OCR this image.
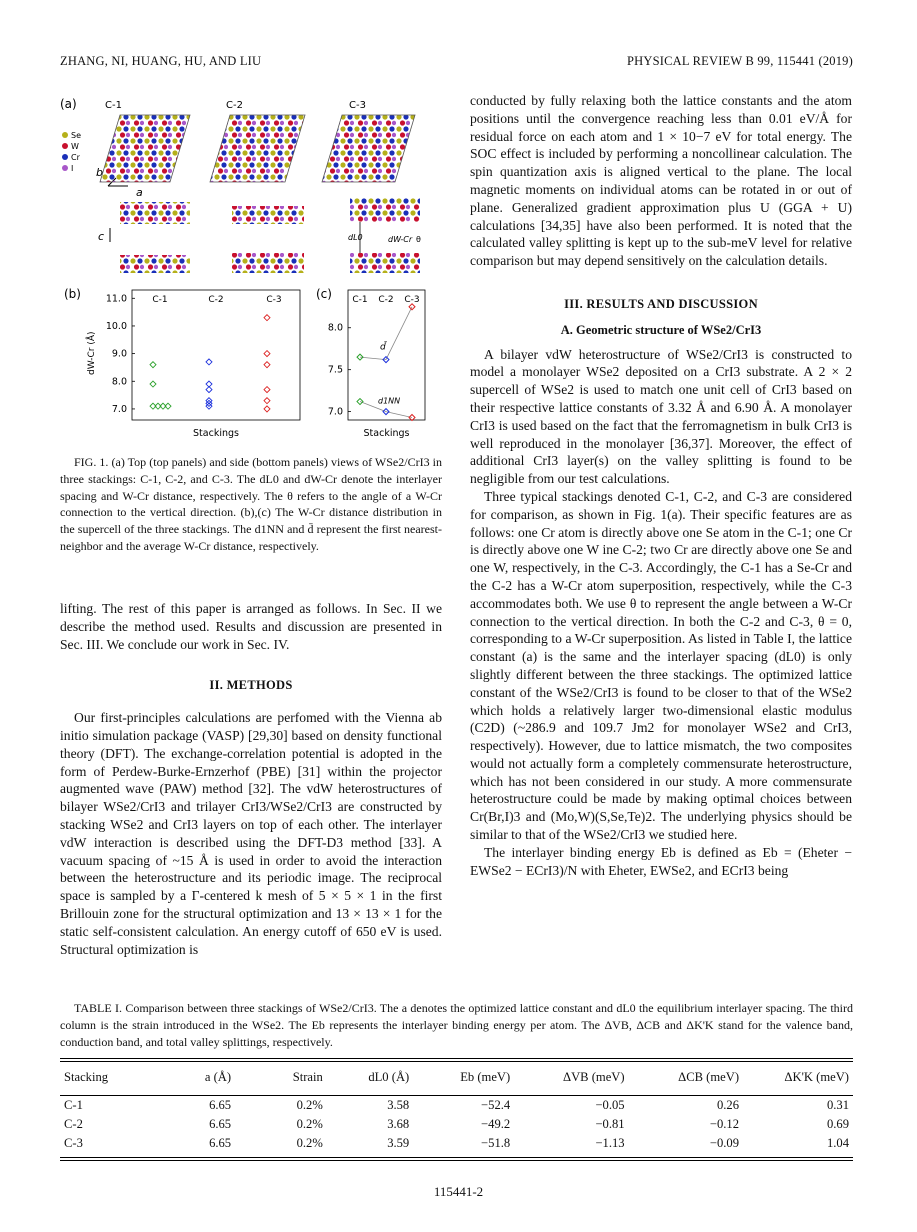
ZHANG, NI, HUANG, HU, AND LIU	PHYSICAL REVIEW B 99, 115441 (2019)
(a)	C-1	C-2	C-3
Se
W
Cr
I b
a
c	dL0	dW-Cr θ
(b)
7.0
8.0
9.0
10.0
11.0
dW-Cr (Å)
Stackings
C-1	C-2	C-3	(c)
7.0
7.5
8.0
Stackings
C-1 C-2 C-3
d̄
d1NN

FIG. 1. (a) Top (top panels) and side (bottom panels) views of WSe2/CrI3 in three stackings: C-1, C-2, and C-3. The dL0 and dW-Cr denote the interlayer spacing and W-Cr distance, respectively. The θ refers to the angle of a W-Cr connection to the vertical direction. (b),(c) The W-Cr distance distribution in the supercell of the three stackings. The d1NN and d̄ represent the first nearest-neighbor and the average W-Cr distance, respectively.

lifting. The rest of this paper is arranged as follows. In Sec. II we describe the method used. Results and discussion are presented in Sec. III. We conclude our work in Sec. IV.

II. METHODS

Our first-principles calculations are perfomed with the Vienna ab initio simulation package (VASP) [29,30] based on density functional theory (DFT). The exchange-correlation potential is adopted in the form of Perdew-Burke-Ernzerhof (PBE) [31] within the projector augmented wave (PAW) method [32]. The vdW heterostructures of bilayer WSe2/CrI3 and trilayer CrI3/WSe2/CrI3 are constructed by stacking WSe2 and CrI3 layers on top of each other. The interlayer vdW interaction is described using the DFT-D3 method [33]. A vacuum spacing of ~15 Å is used in order to avoid the interaction between the heterostructure and its periodic image. The reciprocal space is sampled by a Γ-centered k mesh of 5 × 5 × 1 in the first Brillouin zone for the structural optimization and 13 × 13 × 1 for the static self-consistent calculation. An energy cutoff of 650 eV is used. Structural optimization is

conducted by fully relaxing both the lattice constants and the atom positions until the convergence reaching less than 0.01 eV/Å for residual force on each atom and 1 × 10−7 eV for total energy. The SOC effect is included by performing a noncollinear calculation. The spin quantization axis is aligned vertical to the plane. The local magnetic moments on individual atoms can be rotated in or out of plane. Generalized gradient approximation plus U (GGA + U) calculations [34,35] have also been performed. It is noted that the calculated valley splitting is kept up to the sub-meV level for relative comparison but may depend sensitively on the calculation details.

III. RESULTS AND DISCUSSION
A. Geometric structure of WSe2/CrI3

A bilayer vdW heterostructure of WSe2/CrI3 is constructed to model a monolayer WSe2 deposited on a CrI3 substrate. A 2 × 2 supercell of WSe2 is used to match one unit cell of CrI3 based on their respective lattice constants of 3.32 Å and 6.90 Å. A monolayer CrI3 is used based on the fact that the ferromagnetism in bulk CrI3 is well reproduced in the monolayer [36,37]. Moreover, the effect of additional CrI3 layer(s) on the valley splitting is found to be negligible from our test calculations.

Three typical stackings denoted C-1, C-2, and C-3 are considered for comparison, as shown in Fig. 1(a). Their specific features are as follows: one Cr atom is directly above one Se atom in the C-1; one Cr is directly above one W ine C-2; two Cr are directly above one Se and one W, respectively, in the C-3. Accordingly, the C-1 has a Se-Cr and the C-2 has a W-Cr atom superposition, respectively, while the C-3 accommodates both. We use θ to represent the angle between a W-Cr connection to the vertical direction. In both the C-2 and C-3, θ = 0, corresponding to a W-Cr superposition. As listed in Table I, the lattice constant (a) is the same and the interlayer spacing (dL0) is only slightly different between the three stackings. The optimized lattice constant of the WSe2/CrI3 is found to be closer to that of the WSe2 which holds a relatively larger two-dimensional elastic modulus (C2D) (~286.9 and 109.7 Jm2 for monolayer WSe2 and CrI3, respectively). However, due to lattice mismatch, the two composites would not actually form a completely commensurate heterostructure, which has not been considered in our study. A more commensurate heterostructure could be made by making optimal choices between Cr(Br,I)3 and (Mo,W)(S,Se,Te)2. The underlying physics should be similar to that of the WSe2/CrI3 we studied here.

The interlayer binding energy Eb is defined as Eb = (Eheter − EWSe2 − ECrI3)/N with Eheter, EWSe2, and ECrI3 being

TABLE I. Comparison between three stackings of WSe2/CrI3. The a denotes the optimized lattice constant and dL0 the equilibrium interlayer spacing. The third column is the strain introduced in the WSe2. The Eb represents the interlayer binding energy per atom. The ΔVB, ΔCB and ΔK'K stand for the valence band, conduction band, and total valley splittings, respectively.

Stacking	a (Å)	Strain	dL0 (Å)	Eb (meV)	ΔVB (meV)	ΔCB (meV)	ΔK'K (meV)

C-1	6.65	0.2%	3.58	−52.4	−0.05	0.26	0.31
C-2	6.65	0.2%	3.68	−49.2	−0.81	−0.12	0.69
C-3	6.65	0.2%	3.59	−51.8	−1.13	−0.09	1.04
115441-2
